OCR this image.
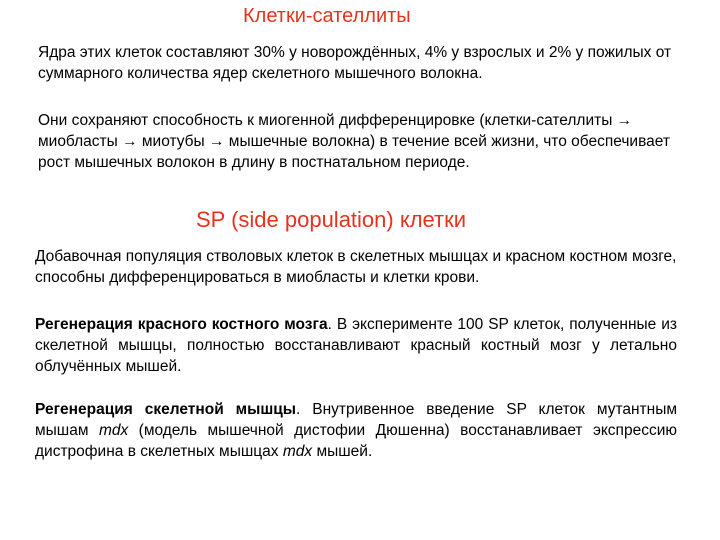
Клетки-сателлиты
Ядра этих клеток составляют 30% у новорождённых, 4% у взрослых и 2% у пожилых от суммарного количества ядер скелетного мышечного волокна.
Они сохраняют способность к миогенной дифференцировке (клетки-сателлиты → миобласты → миотубы → мышечные волокна) в течение всей жизни, что обеспечивает рост мышечных волокон в длину в постнатальном периоде.
SP (side population) клетки
Добавочная популяция стволовых клеток в скелетных мышцах и красном костном мозге, способны дифференцироваться в миобласты и клетки крови.
Регенерация красного костного мозга. В эксперименте 100 SP клеток, полученные из скелетной мышцы, полностью восстанавливают красный костный мозг у летально облучённых мышей.
Регенерация скелетной мышцы. Внутривенное введение SP клеток мутантным мышам mdx (модель мышечной дистофии Дюшенна) восстанавливает экспрессию дистрофина в скелетных мышцах mdx мышей.
